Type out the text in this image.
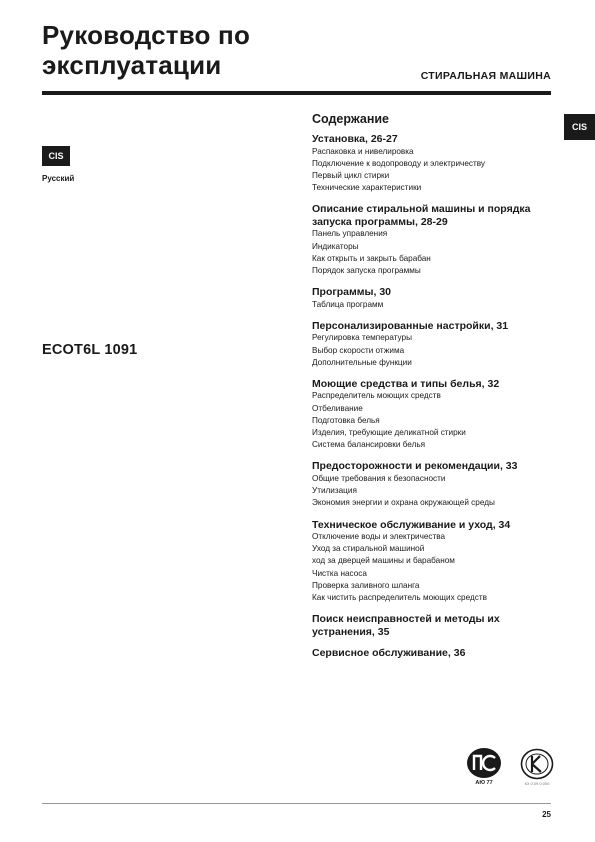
Руководство по
эксплуатации	СТИРАЛЬНАЯ МАШИНА
CIS
Русский
ECOT6L 1091
CIS
Содержание
Установка, 26-27
Распаковка и нивелировка
Подключение к водопроводу и электричеству
Первый цикл стирки
Технические характеристики
Описание стиральной машины и порядка запуска программы, 28-29
Панель управления
Индикаторы
Как открыть и закрыть барабан
Порядок запуска программы
Программы, 30
Таблица программ
Персонализированные настройки, 31
Регулировка температуры
Выбор скорости отжима
Дополнительные функции
Моющие средства и типы белья, 32
Распределитель моющих средств
Отбеливание
Подготовка белья
Изделия, требующие деликатной стирки
Система балансировки белья
Предосторожности и рекомендации, 33
Общие требования к безопасности
Утилизация
Экономия энергии и охрана окружающей среды
Техническое обслуживание и уход, 34
Отключение воды и электричества
Уход за стиральной машиной
ход за дверцей машины и барабаном
Чистка насоса
Проверка заливного шланга
Как чистить распределитель моющих средств
Поиск неисправностей и методы их устранения, 35
Сервисное обслуживание, 36
АЮ 77	КЗ 0.09 0.000
25
